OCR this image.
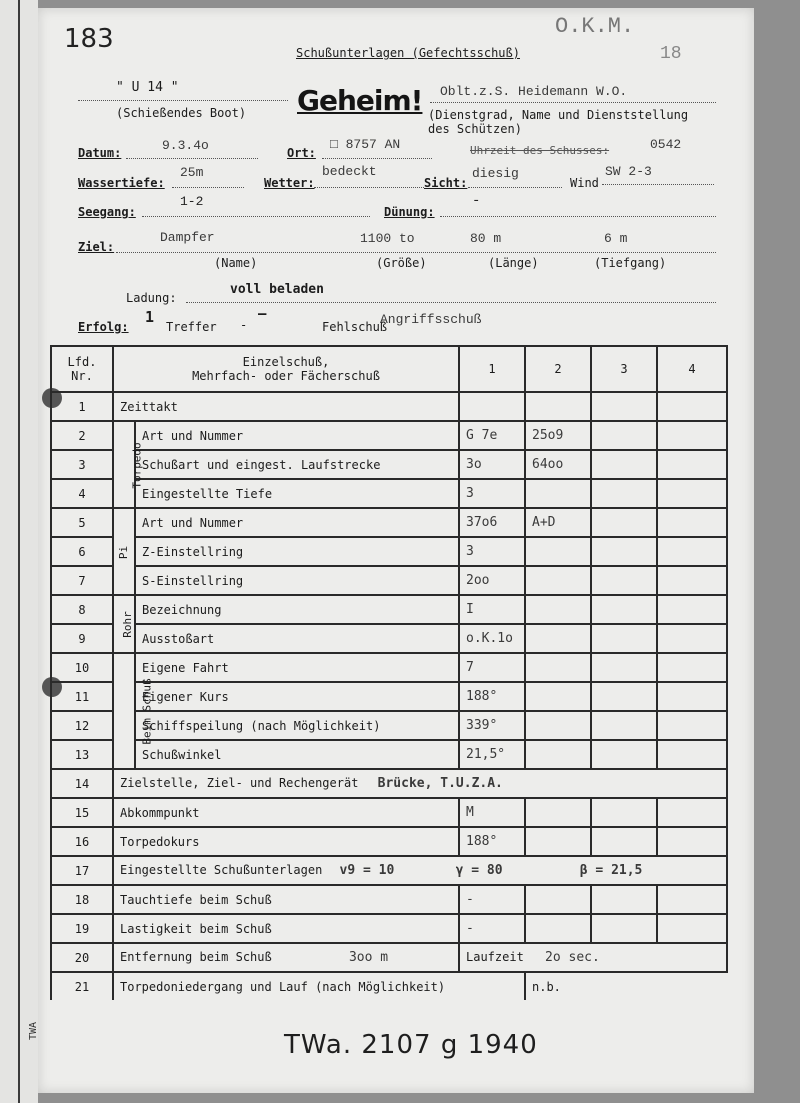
183	O.K.M.
18
Schußunterlagen (Gefechtsschuß)
Geheim!
" U 14 "
(Schießendes Boot)
Oblt.z.S. Heidemann W.O.
(Dienstgrad, Name und Dienststellung des Schützen)
Datum:	9.3.4o	Ort:
□ 8757 AN	Uhrzeit des Schusses:	0542
Wassertiefe:
25m
Wetter:
bedeckt
Sicht:
diesig
Wind
SW 2-3
Seegang:
1-2
Dünung:
-
Ziel:
Dampfer	1100 to	80 m	6 m
(Name)	(Größe)	(Länge)	(Tiefgang)
Ladung:
voll beladen
Erfolg:
1
Treffer -
—
Fehlschuß
Angriffsschuß
Lfd. Nr.	Einzelschuß,
Mehrfach- oder Fächerschuß		1	2	3	4
1	Zeittakt					
2	Torpedo	Art und Nummer	G 7e	25o9		
3		Schußart und eingest. Laufstrecke	3o	64oo		
4		Eingestellte Tiefe	3			
5	Pi	Art und Nummer	37o6	A+D		
6		Z-Einstellring	3			
7		S-Einstellring	2oo			
8	Rohr	Bezeichnung	I			
9		Ausstoßart	o.K.1o			
10	Beim Schuß	Eigene Fahrt	7			
11		Eigener Kurs	188°			
12		Schiffspeilung (nach Möglichkeit)	339°			
13		Schußwinkel	21,5°			
14	Zielstelle, Ziel- und Rechengerät Brücke, T.U.Z.A.					
15	Abkommpunkt		M			
16	Torpedokurs		188°			
17	Eingestellte Schußunterlagen v9 = 10 γ = 80 β = 21,5					
18	Tauchtiefe beim Schuß		-			
19	Lastigkeit beim Schuß		-			
20	Entfernung beim Schuß 3oo m		Laufzeit 2o sec.			
21	Torpedoniedergang und Lauf (nach Möglichkeit)			n.b.		
TWa. 2107 g 1940
TWA
